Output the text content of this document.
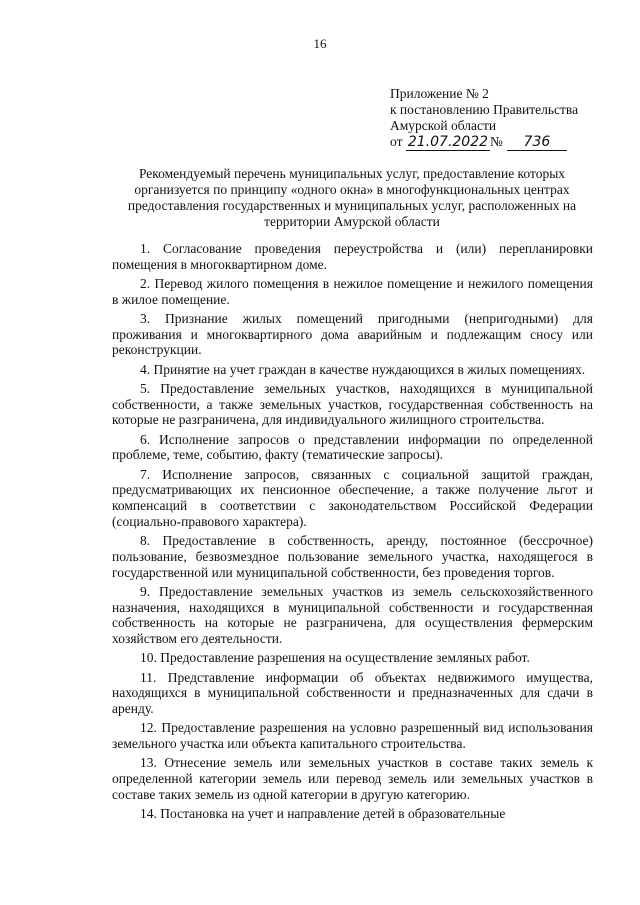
16
Приложение № 2
к постановлению Правительства
Амурской области
от 21.07.2022 № 736
Рекомендуемый перечень муниципальных услуг, предоставление которых организуется по принципу «одного окна» в многофункциональных центрах предоставления государственных и муниципальных услуг, расположенных на территории Амурской области

1. Согласование проведения переустройства и (или) перепланировки помещения в многоквартирном доме.

2. Перевод жилого помещения в нежилое помещение и нежилого помещения в жилое помещение.

3. Признание жилых помещений пригодными (непригодными) для проживания и многоквартирного дома аварийным и подлежащим сносу или реконструкции.

4. Принятие на учет граждан в качестве нуждающихся в жилых помещениях.

5. Предоставление земельных участков, находящихся в муниципальной собственности, а также земельных участков, государственная собственность на которые не разграничена, для индивидуального жилищного строительства.

6. Исполнение запросов о представлении информации по определенной проблеме, теме, событию, факту (тематические запросы).

7. Исполнение запросов, связанных с социальной защитой граждан, предусматривающих их пенсионное обеспечение, а также получение льгот и компенсаций в соответствии с законодательством Российской Федерации (социально-правового характера).

8. Предоставление в собственность, аренду, постоянное (бессрочное) пользование, безвозмездное пользование земельного участка, находящегося в государственной или муниципальной собственности, без проведения торгов.

9. Предоставление земельных участков из земель сельскохозяйственного назначения, находящихся в муниципальной собственности и государственная собственность на которые не разграничена, для осуществления фермерским хозяйством его деятельности.

10. Предоставление разрешения на осуществление земляных работ.

11. Представление информации об объектах недвижимого имущества, находящихся в муниципальной собственности и предназначенных для сдачи в аренду.

12. Предоставление разрешения на условно разрешенный вид использования земельного участка или объекта капитального строительства.

13. Отнесение земель или земельных участков в составе таких земель к определенной категории земель или перевод земель или земельных участков в составе таких земель из одной категории в другую категорию.

14. Постановка на учет и направление детей в образовательные
